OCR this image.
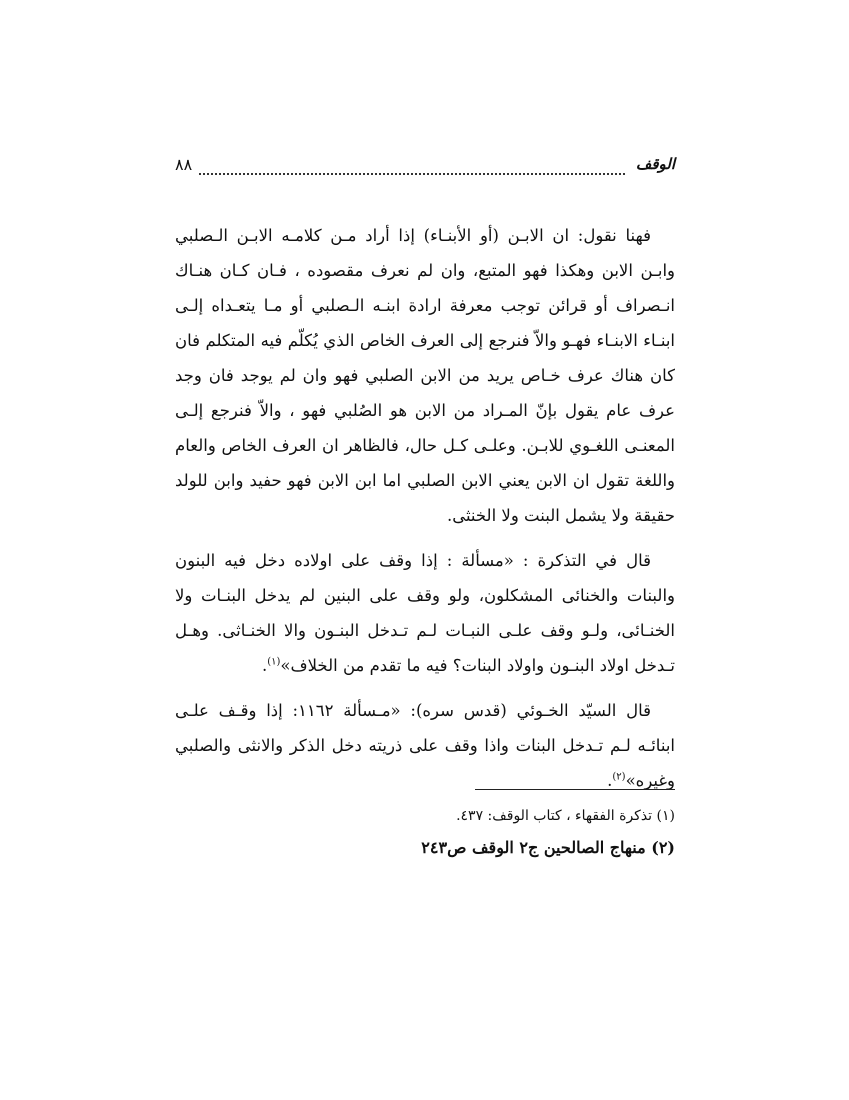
٨٨	الوقف

فهنا نقول: ان الابـن (أو الأبنـاء) إذا أراد مـن كلامـه الابـن الـصلبي وابـن الابن وهكذا فهو المتبع، وان لم نعرف مقصوده ، فـان كـان هنـاك انـصراف أو قرائن توجب معرفة ارادة ابنـه الـصلبي أو مـا يتعـداه إلـى ابنـاء الابنـاء فهـو والاّ فنرجع إلى العرف الخاص الذي يُكلّم فيه المتكلم فان كان هناك عرف خـاص يريد من الابن الصلبي فهو وان لم يوجد فان وجد عرف عام يقول بإنّ المـراد من الابن هو الصُلبي فهو ، والاّ فنرجع إلـى المعنـى اللغـوي للابـن. وعلـى كـل حال، فالظاهر ان العرف الخاص والعام واللغة تقول ان الابن يعني الابن الصلبي اما ابن الابن فهو حفيد وابن للولد حقيقة ولا يشمل البنت ولا الخنثى.

قال في التذكرة : «مسألة : إذا وقف على اولاده دخل فيه البنون والبنات والخنائى المشكلون، ولو وقف على البنين لم يدخل البنـات ولا الخنـائى، ولـو وقف علـى النبـات لـم تـدخل البنـون والا الخنـاثى. وهـل تـدخل اولاد البنـون واولاد البنات؟ فيه ما تقدم من الخلاف»$^{(١)}$.

قال السيّد الخـوئي (قدس سره): «مـسألة ١١٦٢: إذا وقـف علـى ابنائـه لـم تـدخل البنات واذا وقف على ذريته دخل الذكر والانثى والصلبي وغيره»$^{(٢)}$.

(١) تذكرة الفقهاء ، كتاب الوقف: ٤٣٧.

(٢) منهاج الصالحين ج٢ الوقف ص٢٤٣
